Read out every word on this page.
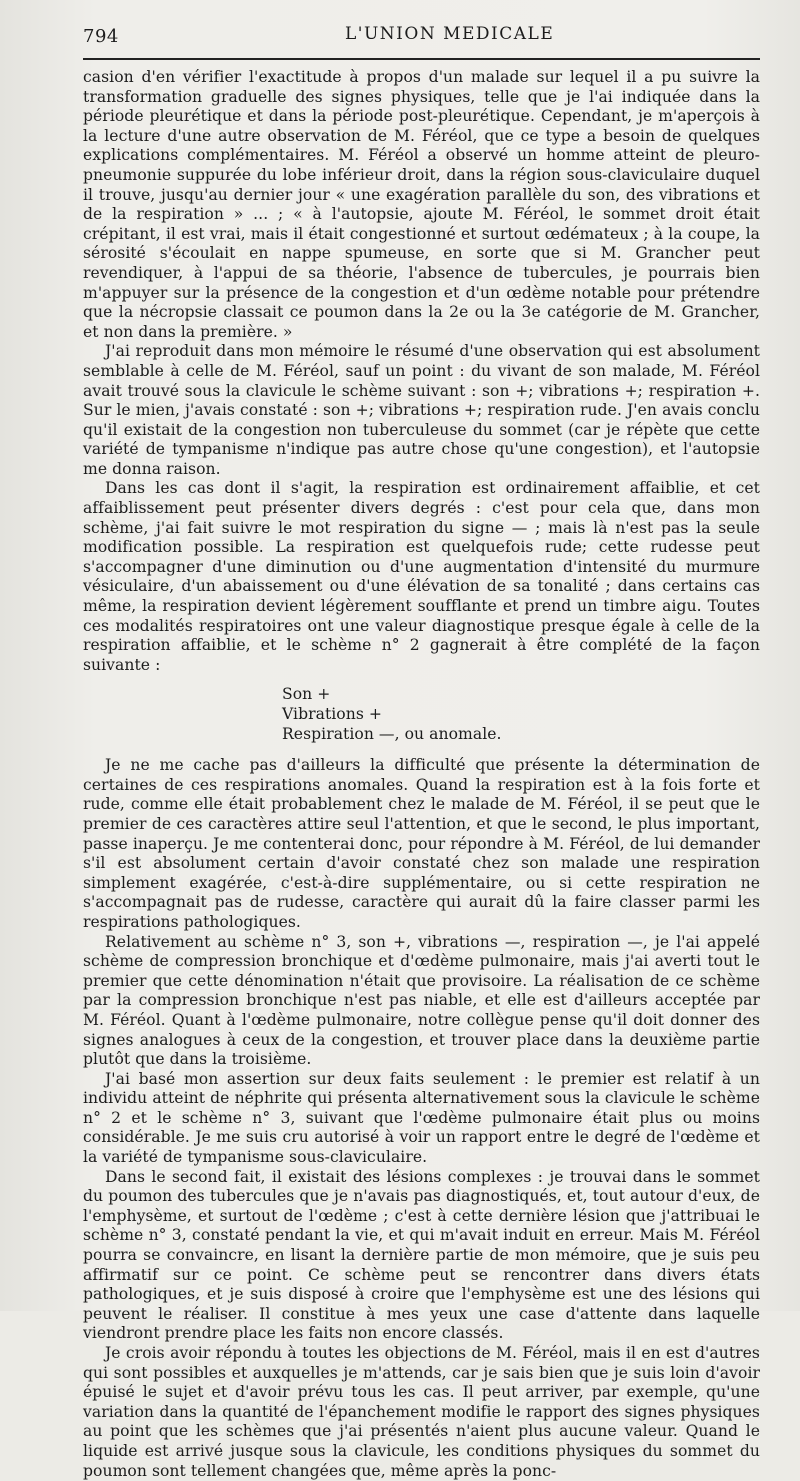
794	L'UNION MEDICALE

casion d'en vérifier l'exactitude à propos d'un malade sur lequel il a pu suivre la transformation graduelle des signes physiques, telle que je l'ai indiquée dans la période pleurétique et dans la période post-pleurétique. Cependant, je m'aperçois à la lecture d'une autre observation de M. Féréol, que ce type a besoin de quelques explications complémentaires. M. Féréol a observé un homme atteint de pleuro-pneumonie suppurée du lobe inférieur droit, dans la région sous-claviculaire duquel il trouve, jusqu'au dernier jour « une exagération parallèle du son, des vibrations et de la respiration » ... ; « à l'autopsie, ajoute M. Féréol, le sommet droit était crépitant, il est vrai, mais il était congestionné et surtout œdémateux ; à la coupe, la sérosité s'écoulait en nappe spumeuse, en sorte que si M. Grancher peut revendiquer, à l'appui de sa théorie, l'absence de tubercules, je pourrais bien m'appuyer sur la présence de la congestion et d'un œdème notable pour prétendre que la nécropsie classait ce poumon dans la 2e ou la 3e catégorie de M. Grancher, et non dans la première. »

J'ai reproduit dans mon mémoire le résumé d'une observation qui est absolument semblable à celle de M. Féréol, sauf un point : du vivant de son malade, M. Féréol avait trouvé sous la clavicule le schème suivant : son +; vibrations +; respiration +. Sur le mien, j'avais constaté : son +; vibrations +; respiration rude. J'en avais conclu qu'il existait de la congestion non tuberculeuse du sommet (car je répète que cette variété de tympanisme n'indique pas autre chose qu'une congestion), et l'autopsie me donna raison.

Dans les cas dont il s'agit, la respiration est ordinairement affaiblie, et cet affaiblissement peut présenter divers degrés : c'est pour cela que, dans mon schème, j'ai fait suivre le mot respiration du signe — ; mais là n'est pas la seule modification possible. La respiration est quelquefois rude; cette rudesse peut s'accompagner d'une diminution ou d'une augmentation d'intensité du murmure vésiculaire, d'un abaissement ou d'une élévation de sa tonalité ; dans certains cas même, la respiration devient légèrement soufflante et prend un timbre aigu. Toutes ces modalités respiratoires ont une valeur diagnostique presque égale à celle de la respiration affaiblie, et le schème n° 2 gagnerait à être complété de la façon suivante :

Son +
Vibrations +
Respiration —, ou anomale.

Je ne me cache pas d'ailleurs la difficulté que présente la détermination de certaines de ces respirations anomales. Quand la respiration est à la fois forte et rude, comme elle était probablement chez le malade de M. Féréol, il se peut que le premier de ces caractères attire seul l'attention, et que le second, le plus important, passe inaperçu. Je me contenterai donc, pour répondre à M. Féréol, de lui demander s'il est absolument certain d'avoir constaté chez son malade une respiration simplement exagérée, c'est-à-dire supplémentaire, ou si cette respiration ne s'accompagnait pas de rudesse, caractère qui aurait dû la faire classer parmi les respirations pathologiques.

Relativement au schème n° 3, son +, vibrations —, respiration —, je l'ai appelé schème de compression bronchique et d'œdème pulmonaire, mais j'ai averti tout le premier que cette dénomination n'était que provisoire. La réalisation de ce schème par la compression bronchique n'est pas niable, et elle est d'ailleurs acceptée par M. Féréol. Quant à l'œdème pulmonaire, notre collègue pense qu'il doit donner des signes analogues à ceux de la congestion, et trouver place dans la deuxième partie plutôt que dans la troisième.

J'ai basé mon assertion sur deux faits seulement : le premier est relatif à un individu atteint de néphrite qui présenta alternativement sous la clavicule le schème n° 2 et le schème n° 3, suivant que l'œdème pulmonaire était plus ou moins considérable. Je me suis cru autorisé à voir un rapport entre le degré de l'œdème et la variété de tympanisme sous-claviculaire.

Dans le second fait, il existait des lésions complexes : je trouvai dans le sommet du poumon des tubercules que je n'avais pas diagnostiqués, et, tout autour d'eux, de l'emphysème, et surtout de l'œdème ; c'est à cette dernière lésion que j'attribuai le schème n° 3, constaté pendant la vie, et qui m'avait induit en erreur. Mais M. Féréol pourra se convaincre, en lisant la dernière partie de mon mémoire, que je suis peu affirmatif sur ce point. Ce schème peut se rencontrer dans divers états pathologiques, et je suis disposé à croire que l'emphysème est une des lésions qui peuvent le réaliser. Il constitue à mes yeux une case d'attente dans laquelle viendront prendre place les faits non encore classés.

Je crois avoir répondu à toutes les objections de M. Féréol, mais il en est d'autres qui sont possibles et auxquelles je m'attends, car je sais bien que je suis loin d'avoir épuisé le sujet et d'avoir prévu tous les cas. Il peut arriver, par exemple, qu'une variation dans la quantité de l'épanchement modifie le rapport des signes physiques au point que les schèmes que j'ai présentés n'aient plus aucune valeur. Quand le liquide est arrivé jusque sous la clavicule, les conditions physiques du sommet du poumon sont tellement changées que, même après la ponc-
